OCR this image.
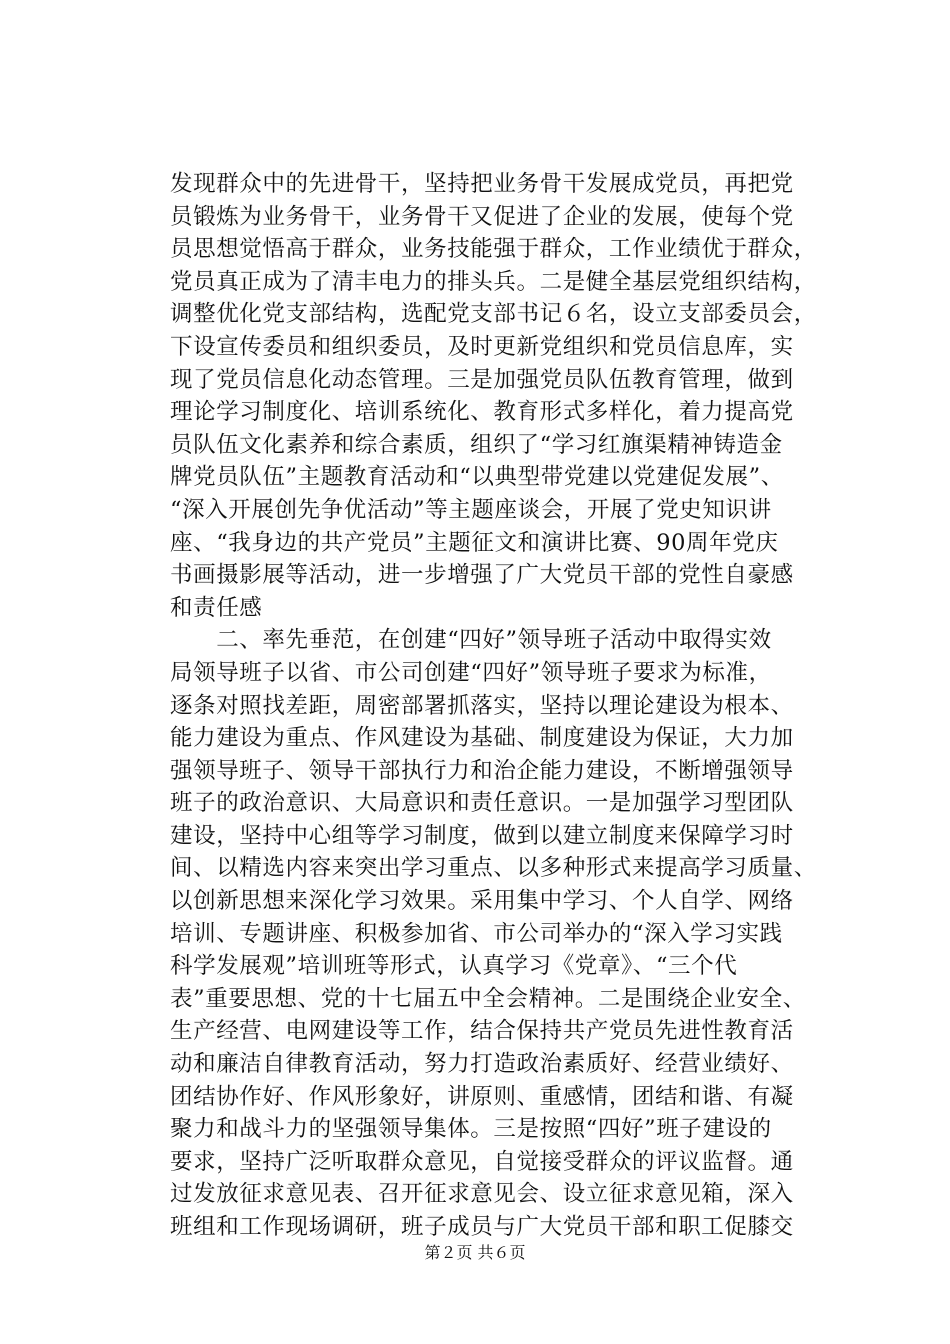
发现群众中的先进骨干，坚持把业务骨干发展成党员，再把党
员锻炼为业务骨干，业务骨干又促进了企业的发展，使每个党
员思想觉悟高于群众，业务技能强于群众，工作业绩优于群众，
党员真正成为了清丰电力的排头兵。二是健全基层党组织结构，
调整优化党支部结构，选配党支部书记６名，设立支部委员会，
下设宣传委员和组织委员，及时更新党组织和党员信息库，实
现了党员信息化动态管理。三是加强党员队伍教育管理，做到
理论学习制度化、培训系统化、教育形式多样化，着力提高党
员队伍文化素养和综合素质，组织了“学习红旗渠精神铸造金
牌党员队伍”主题教育活动和“以典型带党建以党建促发展”、
“深入开展创先争优活动”等主题座谈会，开展了党史知识讲
座、“我身边的共产党员”主题征文和演讲比赛、90周年党庆
书画摄影展等活动，进一步增强了广大党员干部的党性自豪感
和责任感
　　二、率先垂范，在创建“四好”领导班子活动中取得实效
局领导班子以省、市公司创建“四好”领导班子要求为标准，
逐条对照找差距，周密部署抓落实，坚持以理论建设为根本、
能力建设为重点、作风建设为基础、制度建设为保证，大力加
强领导班子、领导干部执行力和治企能力建设，不断增强领导
班子的政治意识、大局意识和责任意识。一是加强学习型团队
建设，坚持中心组等学习制度，做到以建立制度来保障学习时
间、以精选内容来突出学习重点、以多种形式来提高学习质量、
以创新思想来深化学习效果。采用集中学习、个人自学、网络
培训、专题讲座、积极参加省、市公司举办的“深入学习实践
科学发展观”培训班等形式，认真学习《党章》、“三个代
表”重要思想、党的十七届五中全会精神。二是围绕企业安全、
生产经营、电网建设等工作，结合保持共产党员先进性教育活
动和廉洁自律教育活动，努力打造政治素质好、经营业绩好、
团结协作好、作风形象好，讲原则、重感情，团结和谐、有凝
聚力和战斗力的坚强领导集体。三是按照“四好”班子建设的
要求，坚持广泛听取群众意见，自觉接受群众的评议监督。通
过发放征求意见表、召开征求意见会、设立征求意见箱，深入
班组和工作现场调研，班子成员与广大党员干部和职工促膝交
第２页 共６页
